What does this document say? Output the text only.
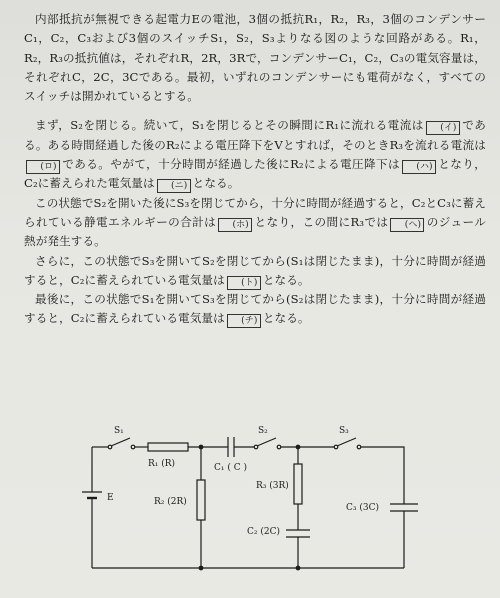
内部抵抗が無視できる起電力Eの電池，3個の抵抗R₁，R₂，R₃，3個のコンデンサーC₁，C₂，C₃および3個のスイッチS₁，S₂，S₃よりなる図のような回路がある。R₁，R₂，R₃の抵抗値は，それぞれR，2R，3Rで，コンデンサーC₁，C₂，C₃の電気容量は，それぞれC，2C，3Cである。最初，いずれのコンデンサーにも電荷がなく，すべてのスイッチは開かれているとする。

まず，S₂を閉じる。続いて，S₁を閉じるとその瞬間にR₁に流れる電流は (イ) である。ある時間経過した後のR₂による電圧降下をVとすれば，そのときR₃を流れる電流は(ロ) である。やがて，十分時間が経過した後にR₂による電圧降下は (ハ) となり，C₂に蓄えられた電気量は (ニ) となる。

この状態でS₂を開いた後にS₃を閉じてから，十分に時間が経過すると，C₂とC₃に蓄えられている静電エネルギーの合計は (ホ) となり，この間にR₃では (ヘ) のジュール熱が発生する。

さらに，この状態でS₃を開いてS₂を閉じてから(S₁は閉じたまま)，十分に時間が経過すると，C₂に蓄えられている電気量は (ト) となる。

最後に，この状態でS₁を開いてS₃を閉じてから(S₂は閉じたまま)，十分に時間が経過すると，C₂に蓄えられている電気量は (チ) となる。

S₁	S₂	S₃
R₁ (R)	C₁ ( C )
R₂ (2R)
R₃ (3R)
C₂ (2C)
C₃ (3C)
E
